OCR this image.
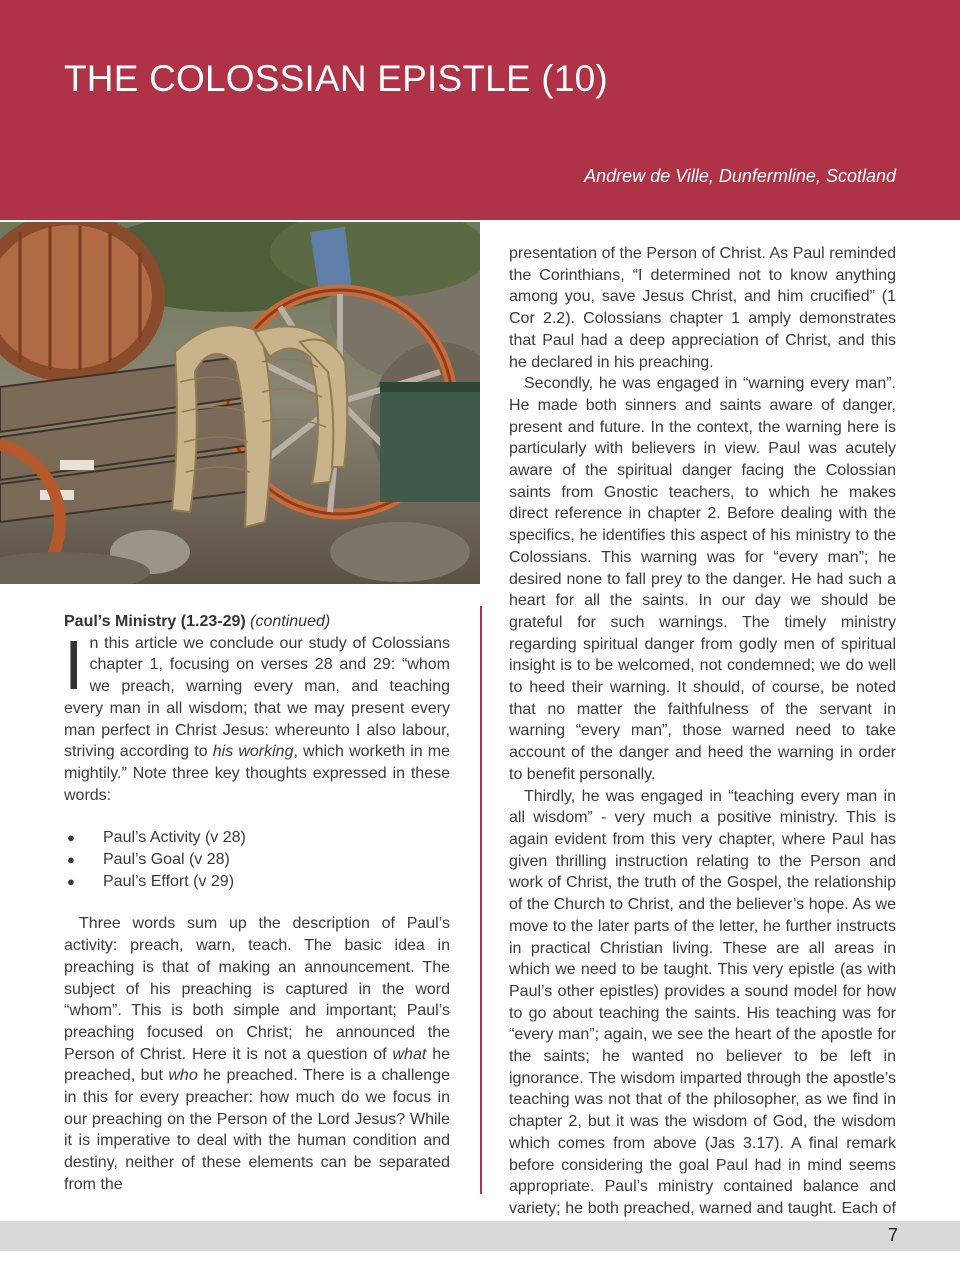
THE COLOSSIAN EPISTLE (10)
Andrew de Ville, Dunfermline, Scotland

Paul’s Ministry (1.23-29) (continued)

In this article we conclude our study of Colossians chapter 1, focusing on verses 28 and 29: “whom we preach, warning every man, and teaching every man in all wisdom; that we may present every man perfect in Christ Jesus: whereunto I also labour, striving according to his working, which worketh in me mightily.” Note three key thoughts expressed in these words:

● Paul’s Activity (v 28)
● Paul’s Goal (v 28)
● Paul’s Effort (v 29)

Three words sum up the description of Paul’s activity: preach, warn, teach. The basic idea in preaching is that of making an announcement. The subject of his preaching is captured in the word “whom”. This is both simple and important; Paul’s preaching focused on Christ; he announced the Person of Christ. Here it is not a question of what he preached, but who he preached. There is a challenge in this for every preacher: how much do we focus in our preaching on the Person of the Lord Jesus? While it is imperative to deal with the human condition and destiny, neither of these elements can be separated from the

presentation of the Person of Christ. As Paul reminded the Corinthians, “I determined not to know anything among you, save Jesus Christ, and him crucified” (1 Cor 2.2). Colossians chapter 1 amply demonstrates that Paul had a deep appreciation of Christ, and this he declared in his preaching.

Secondly, he was engaged in “warning every man”. He made both sinners and saints aware of danger, present and future. In the context, the warning here is particularly with believers in view. Paul was acutely aware of the spiritual danger facing the Colossian saints from Gnostic teachers, to which he makes direct reference in chapter 2. Before dealing with the specifics, he identifies this aspect of his ministry to the Colossians. This warning was for “every man”; he desired none to fall prey to the danger. He had such a heart for all the saints. In our day we should be grateful for such warnings. The timely ministry regarding spiritual danger from godly men of spiritual insight is to be welcomed, not condemned; we do well to heed their warning. It should, of course, be noted that no matter the faithfulness of the servant in warning “every man”, those warned need to take account of the danger and heed the warning in order to benefit personally.

Thirdly, he was engaged in “teaching every man in all wisdom” - very much a positive ministry. This is again evident from this very chapter, where Paul has given thrilling instruction relating to the Person and work of Christ, the truth of the Gospel, the relationship of the Church to Christ, and the believer’s hope. As we move to the later parts of the letter, he further instructs in practical Christian living. These are all areas in which we need to be taught. This very epistle (as with Paul’s other epistles) provides a sound model for how to go about teaching the saints. His teaching was for “every man”; again, we see the heart of the apostle for the saints; he wanted no believer to be left in ignorance. The wisdom imparted through the apostle’s teaching was not that of the philosopher, as we find in chapter 2, but it was the wisdom of God, the wisdom which comes from above (Jas 3.17). A final remark before considering the goal Paul had in mind seems appropriate. Paul’s ministry contained balance and variety; he both preached, warned and taught. Each of

7
